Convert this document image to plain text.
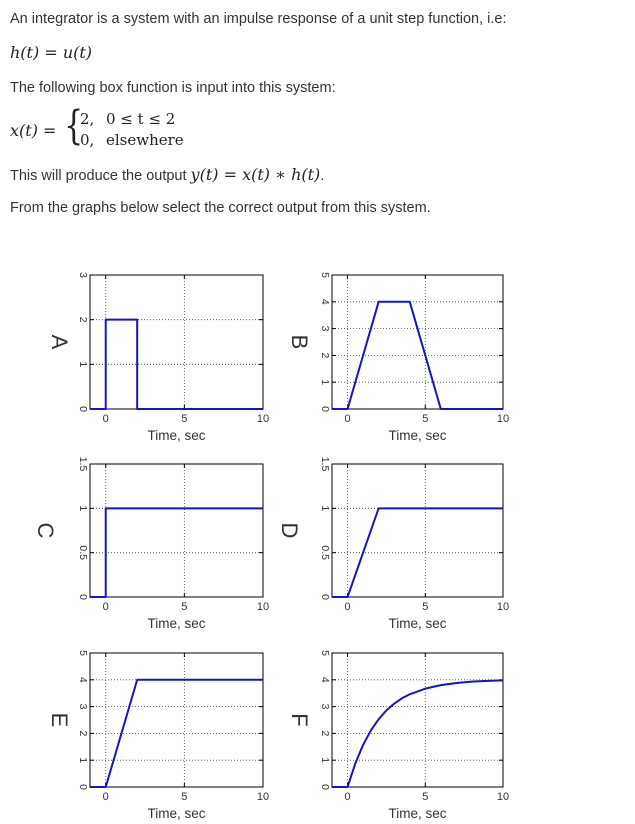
An integrator is a system with an impulse response of a unit step function, i.e:
h(t) = u(t)
The following box function is input into this system:
x(t) = {
2, 0 ≤ t ≤ 2
0, elsewhere
This will produce the output y(t) = x(t) ∗ h(t).
From the graphs below select the correct output from this system.
0	5	10
0
1
2
3
Time, sec
A
0	5	10
0
1
2
3
4
5
Time, sec
B
0	5	10
0
0.5
1
1.5
Time, sec
C
0	5	10
0
0.5
1
1.5
Time, sec
D
0	5	10
0
1
2
3
4
5
Time, sec
E
0	5	10
0
1
2
3
4
5
Time, sec
F
